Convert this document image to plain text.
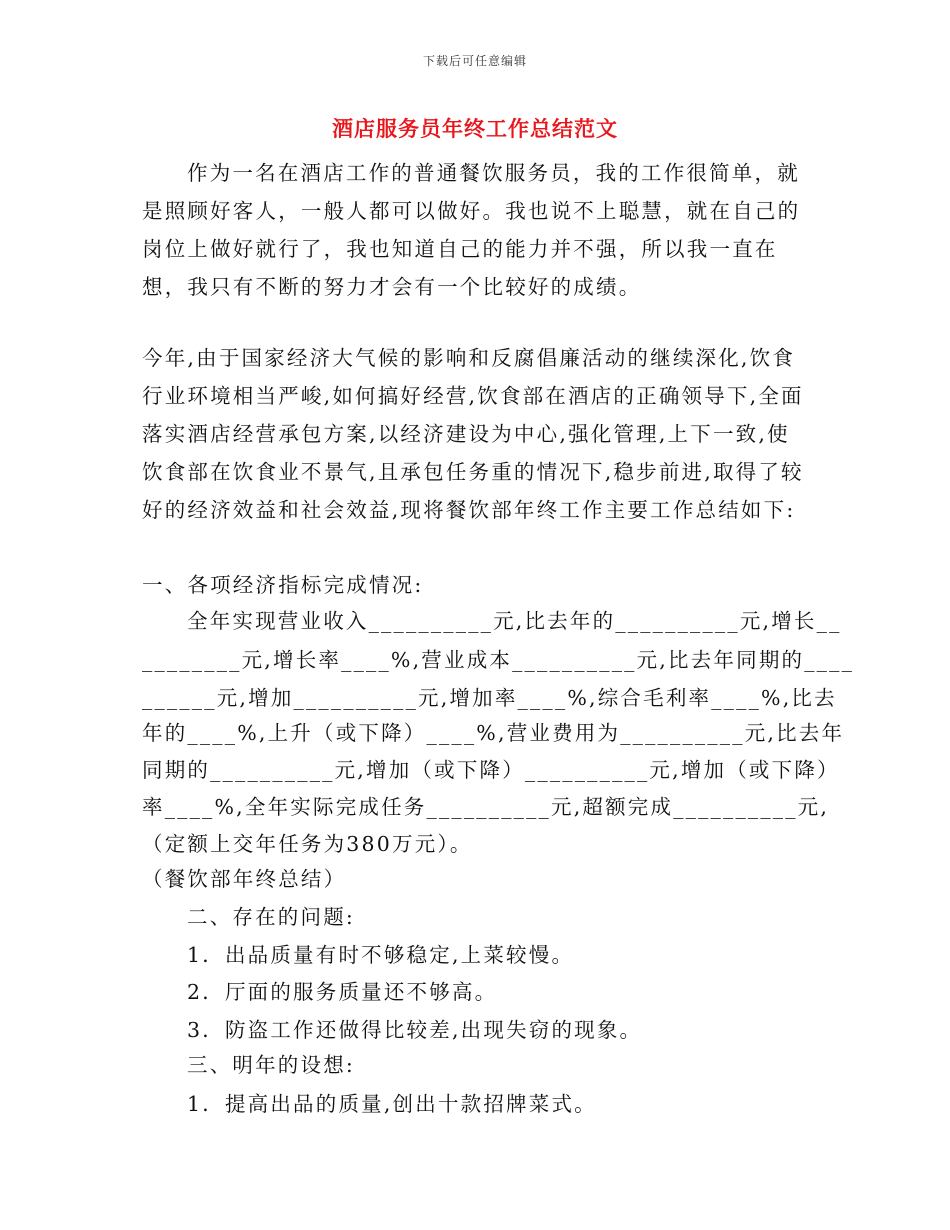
下载后可任意编辑
酒店服务员年终工作总结范文
作为一名在酒店工作的普通餐饮服务员，我的工作很简单，就是照顾好客人，一般人都可以做好。我也说不上聪慧，就在自己的岗位上做好就行了，我也知道自己的能力并不强，所以我一直在想，我只有不断的努力才会有一个比较好的成绩。
今年,由于国家经济大气候的影响和反腐倡廉活动的继续深化,饮食行业环境相当严峻,如何搞好经营,饮食部在酒店的正确领导下,全面落实酒店经营承包方案,以经济建设为中心,强化管理,上下一致,使饮食部在饮食业不景气,且承包任务重的情况下,稳步前进,取得了较好的经济效益和社会效益,现将餐饮部年终工作主要工作总结如下:
一、各项经济指标完成情况:
全年实现营业收入__________元,比去年的__________元,增长__
________元,增长率____%,营业成本__________元,比去年同期的____
______元,增加__________元,增加率____%,综合毛利率____%,比去
年的____%,上升（或下降）____%,营业费用为__________元,比去年
同期的__________元,增加（或下降）__________元,增加（或下降）
率____%,全年实际完成任务__________元,超额完成__________元,
（定额上交年任务为380万元）。
（餐饮部年终总结）
二、存在的问题:
1．出品质量有时不够稳定,上菜较慢。
2．厅面的服务质量还不够高。
3．防盗工作还做得比较差,出现失窃的现象。
三、明年的设想:
1．提高出品的质量,创出十款招牌菜式。
